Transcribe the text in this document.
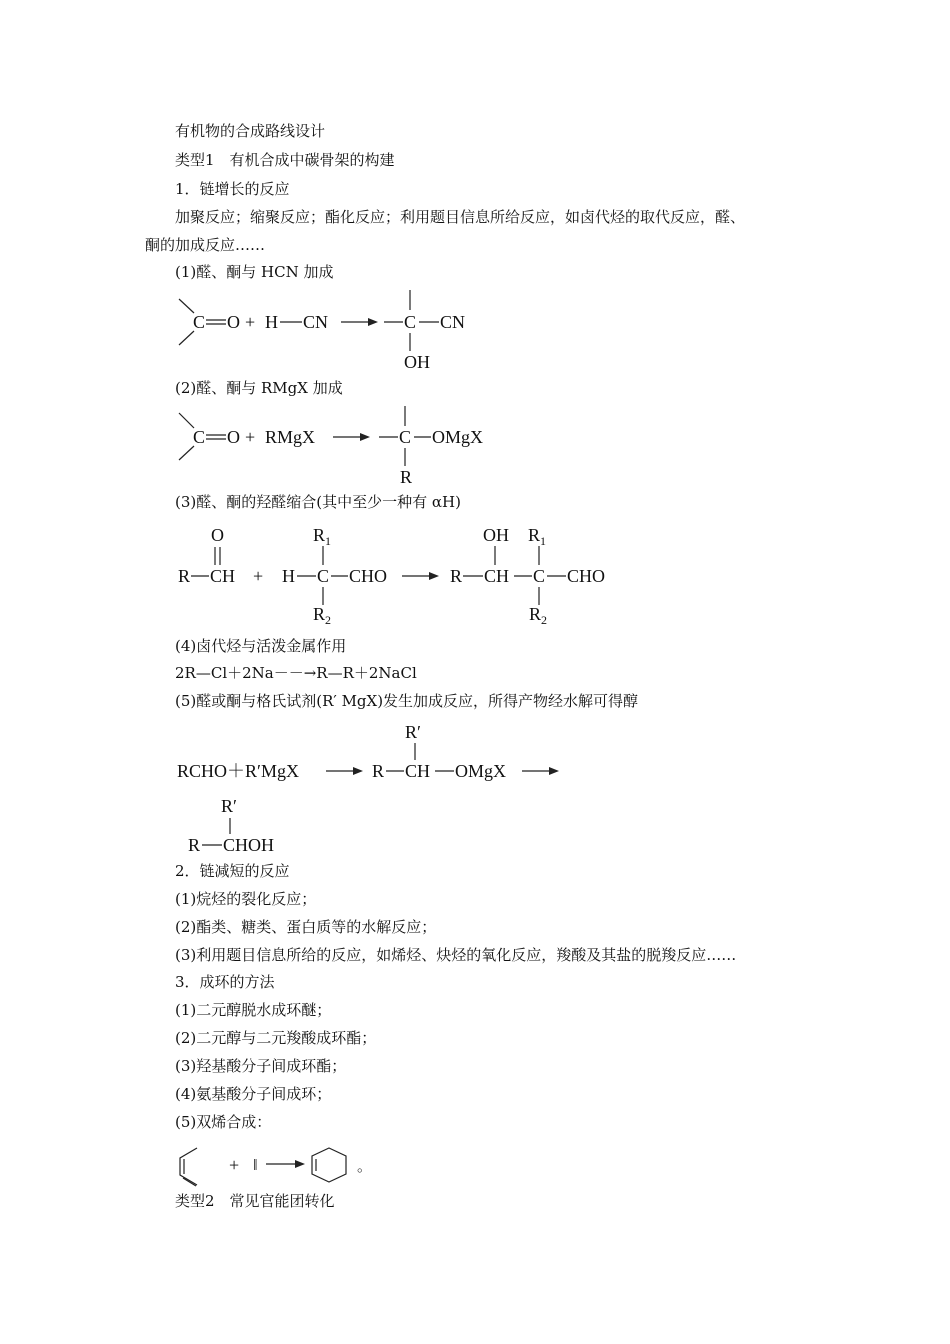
有机物的合成路线设计
类型1　有机合成中碳骨架的构建
1．链增长的反应
加聚反应；缩聚反应；酯化反应；利用题目信息所给反应，如卤代烃的取代反应，醛、
酮的加成反应……
(1)醛、酮与 HCN 加成
C O + H CN	C CN
OH
(2)醛、酮与 RMgX 加成
C O + RMgX	C OMgX
R
(3)醛、酮的羟醛缩合(其中至少一种有 αH)
O
R CH + H
$R_1$
C CHO
$R_2$
OH
R CH
$R_1$
C CHO
$R_2$
(4)卤代烃与活泼金属作用
2R—Cl＋2Na－－→R—R＋2NaCl
(5)醛或酮与格氏试剂(R′ MgX)发生加成反应，所得产物经水解可得醇
RCHO＋R′MgX	R
R′
CH OMgX
R′
R CHOH
2．链减短的反应
(1)烷烃的裂化反应；
(2)酯类、糖类、蛋白质等的水解反应；
(3)利用题目信息所给的反应，如烯烃、炔烃的氧化反应，羧酸及其盐的脱羧反应……
3．成环的方法
(1)二元醇脱水成环醚；
(2)二元醇与二元羧酸成环酯；
(3)羟基酸分子间成环酯；
(4)氨基酸分子间成环；
(5)双烯合成：
+ ‖	。
类型2　常见官能团转化
